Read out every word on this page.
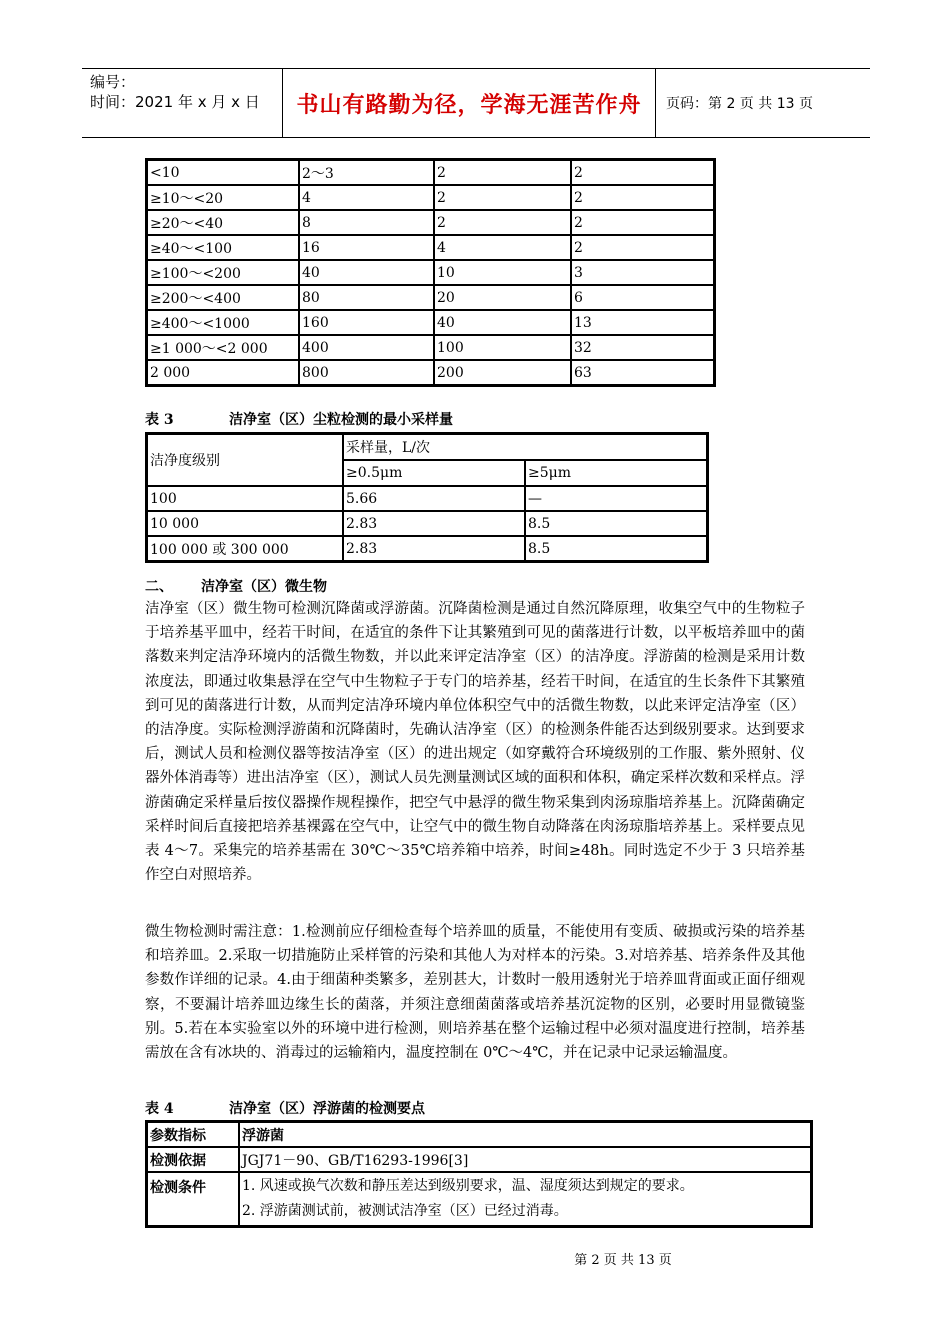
编号：
时间：2021 年 x 月 x 日	书山有路勤为径，学海无涯苦作舟	页码：第 2 页 共 13 页
<10	2～3	2	2
≥10～<20	4	2	2
≥20～<40	8	2	2
≥40～<100	16	4	2
≥100～<200	40	10	3
≥200～<400	80	20	6
≥400～<1000	160	40	13
≥1 000～<2 000	400	100	32
2 000	800	200	63
表 3	洁净室（区）尘粒检测的最小采样量
洁净度级别	采样量，L/次	
	≥0.5μm	≥5μm
100	5.66	—
10 000	2.83	8.5
100 000 或 300 000	2.83	8.5
二、 洁净室（区）微生物

洁净室（区）微生物可检测沉降菌或浮游菌。沉降菌检测是通过自然沉降原理，收集空气中的生物粒子于培养基平皿中，经若干时间，在适宜的条件下让其繁殖到可见的菌落进行计数，以平板培养皿中的菌落数来判定洁净环境内的活微生物数，并以此来评定洁净室（区）的洁净度。浮游菌的检测是采用计数浓度法，即通过收集悬浮在空气中生物粒子于专门的培养基，经若干时间，在适宜的生长条件下其繁殖到可见的菌落进行计数，从而判定洁净环境内单位体积空气中的活微生物数，以此来评定洁净室（区）的洁净度。实际检测浮游菌和沉降菌时，先确认洁净室（区）的检测条件能否达到级别要求。达到要求后，测试人员和检测仪器等按洁净室（区）的进出规定（如穿戴符合环境级别的工作服、紫外照射、仪器外体消毒等）进出洁净室（区），测试人员先测量测试区域的面积和体积，确定采样次数和采样点。浮游菌确定采样量后按仪器操作规程操作，把空气中悬浮的微生物采集到肉汤琼脂培养基上。沉降菌确定采样时间后直接把培养基裸露在空气中，让空气中的微生物自动降落在肉汤琼脂培养基上。采样要点见表 4～7。采集完的培养基需在 30℃～35℃培养箱中培养，时间≥48h。同时选定不少于 3 只培养基作空白对照培养。

微生物检测时需注意：1.检测前应仔细检查每个培养皿的质量，不能使用有变质、破损或污染的培养基和培养皿。2.采取一切措施防止采样管的污染和其他人为对样本的污染。3.对培养基、培养条件及其他参数作详细的记录。4.由于细菌种类繁多，差别甚大，计数时一般用透射光于培养皿背面或正面仔细观察，不要漏计培养皿边缘生长的菌落，并须注意细菌菌落或培养基沉淀物的区别，必要时用显微镜鉴别。5.若在本实验室以外的环境中进行检测，则培养基在整个运输过程中必须对温度进行控制，培养基需放在含有冰块的、消毒过的运输箱内，温度控制在 0℃～4℃，并在记录中记录运输温度。

表 4	洁净室（区）浮游菌的检测要点
参数指标	浮游菌
检测依据	JGJ71－90、GB/T16293-1996[3]
检测条件	1. 风速或换气次数和静压差达到级别要求，温、湿度须达到规定的要求。
2. 浮游菌测试前，被测试洁净室（区）已经过消毒。
第 2 页 共 13 页
